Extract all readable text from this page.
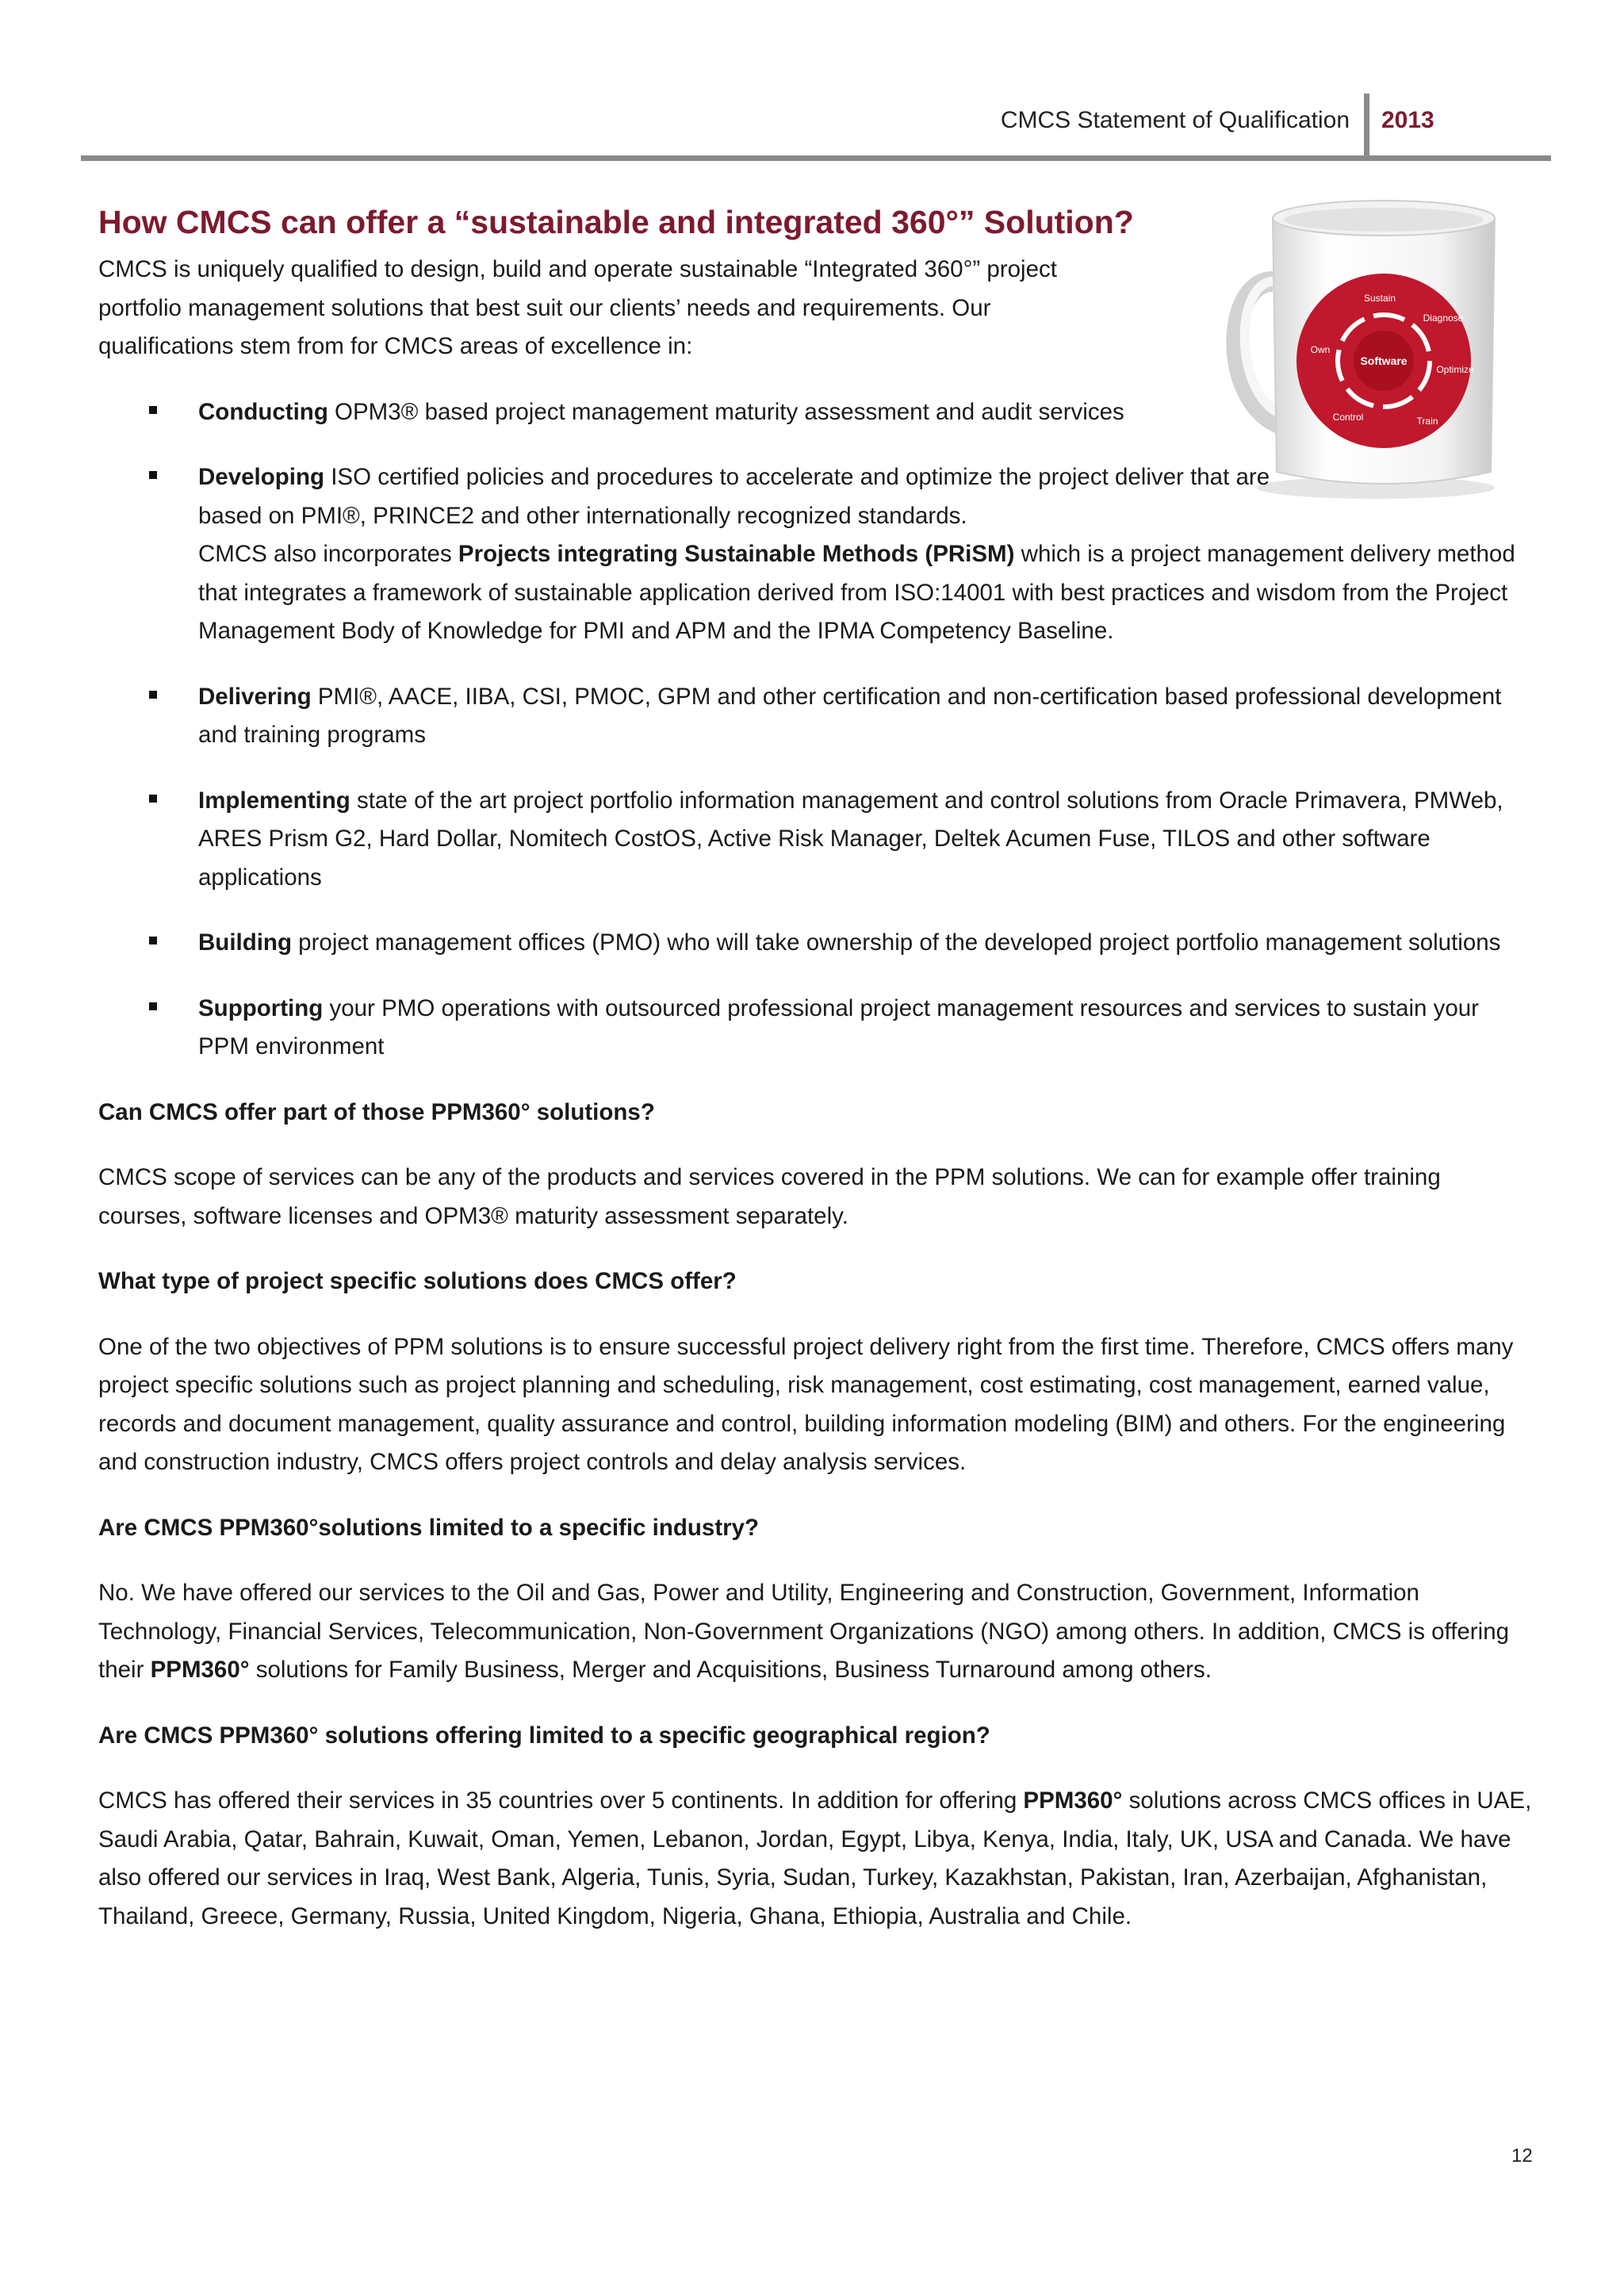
CMCS Statement of Qualification 2013
Software
Sustain
Diagnose
Optimize
Train
Control
Own
How CMCS can offer a “sustainable and integrated 360°” Solution?

CMCS is uniquely qualified to design, build and operate sustainable “Integrated 360°” project portfolio management solutions that best suit our clients’ needs and requirements. Our qualifications stem from for CMCS areas of excellence in:

Conducting OPM3® based project management maturity assessment and audit services
Developing ISO certified policies and procedures to accelerate and optimize the project deliver that are based on PMI®, PRINCE2 and other internationally recognized standards.
CMCS also incorporates Projects integrating Sustainable Methods (PRiSM) which is a project management delivery method that integrates a framework of sustainable application derived from ISO:14001 with best practices and wisdom from the Project Management Body of Knowledge for PMI and APM and the IPMA Competency Baseline.
Delivering PMI®, AACE, IIBA, CSI, PMOC, GPM and other certification and non-certification based professional development and training programs
Implementing state of the art project portfolio information management and control solutions from Oracle Primavera, PMWeb, ARES Prism G2, Hard Dollar, Nomitech CostOS, Active Risk Manager, Deltek Acumen Fuse, TILOS and other software applications
Building project management offices (PMO) who will take ownership of the developed project portfolio management solutions
Supporting your PMO operations with outsourced professional project management resources and services to sustain your PPM environment

Can CMCS offer part of those PPM360° solutions?

CMCS scope of services can be any of the products and services covered in the PPM solutions. We can for example offer training courses, software licenses and OPM3® maturity assessment separately.

What type of project specific solutions does CMCS offer?

One of the two objectives of PPM solutions is to ensure successful project delivery right from the first time. Therefore, CMCS offers many project specific solutions such as project planning and scheduling, risk management, cost estimating, cost management, earned value, records and document management, quality assurance and control, building information modeling (BIM) and others. For the engineering and construction industry, CMCS offers project controls and delay analysis services.

Are CMCS PPM360°solutions limited to a specific industry?

No. We have offered our services to the Oil and Gas, Power and Utility, Engineering and Construction, Government, Information Technology, Financial Services, Telecommunication, Non-Government Organizations (NGO) among others. In addition, CMCS is offering their PPM360° solutions for Family Business, Merger and Acquisitions, Business Turnaround among others.

Are CMCS PPM360° solutions offering limited to a specific geographical region?

CMCS has offered their services in 35 countries over 5 continents. In addition for offering PPM360° solutions across CMCS offices in UAE, Saudi Arabia, Qatar, Bahrain, Kuwait, Oman, Yemen, Lebanon, Jordan, Egypt, Libya, Kenya, India, Italy, UK, USA and Canada. We have also offered our services in Iraq, West Bank, Algeria, Tunis, Syria, Sudan, Turkey, Kazakhstan, Pakistan, Iran, Azerbaijan, Afghanistan, Thailand, Greece, Germany, Russia, United Kingdom, Nigeria, Ghana, Ethiopia, Australia and Chile.

12
